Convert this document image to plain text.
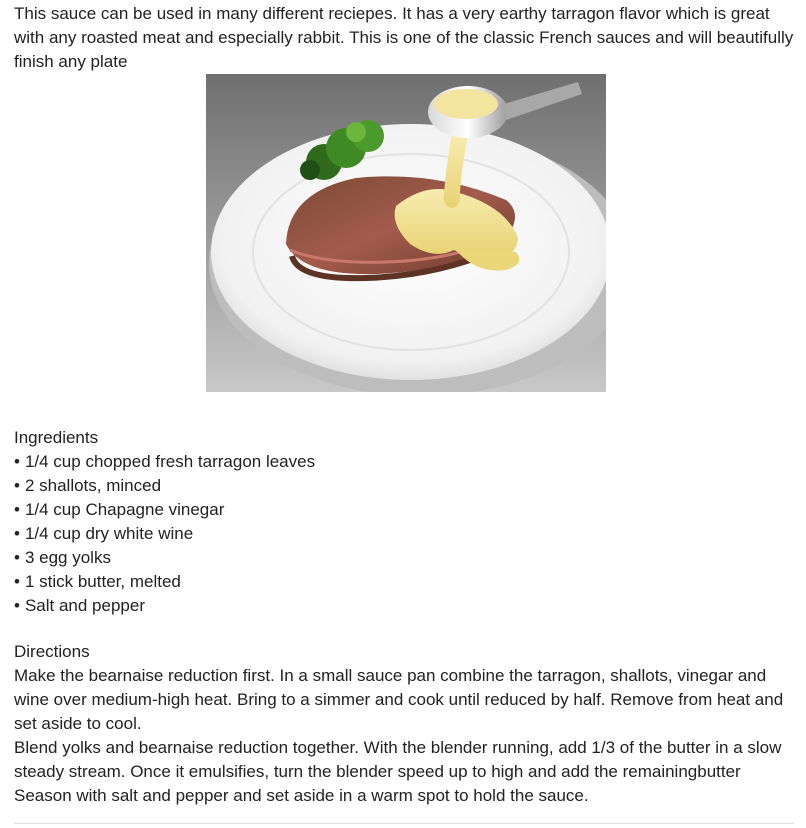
This sauce can be used in many different reciepes. It has a very earthy tarragon flavor which is great with any roasted meat and especially rabbit. This is one of the classic French sauces and will beautifully finish any plate

Ingredients

• 1/4 cup chopped fresh tarragon leaves
• 2 shallots, minced
• 1/4 cup Chapagne vinegar
• 1/4 cup dry white wine
• 3 egg yolks
• 1 stick butter, melted
• Salt and pepper

Directions

Make the bearnaise reduction first. In a small sauce pan combine the tarragon, shallots, vinegar and wine over medium-high heat. Bring to a simmer and cook until reduced by half. Remove from heat and set aside to cool.

Blend yolks and bearnaise reduction together. With the blender running, add 1/3 of the butter in a slow steady stream. Once it emulsifies, turn the blender speed up to high and add the remainingbutter Season with salt and pepper and set aside in a warm spot to hold the sauce.
